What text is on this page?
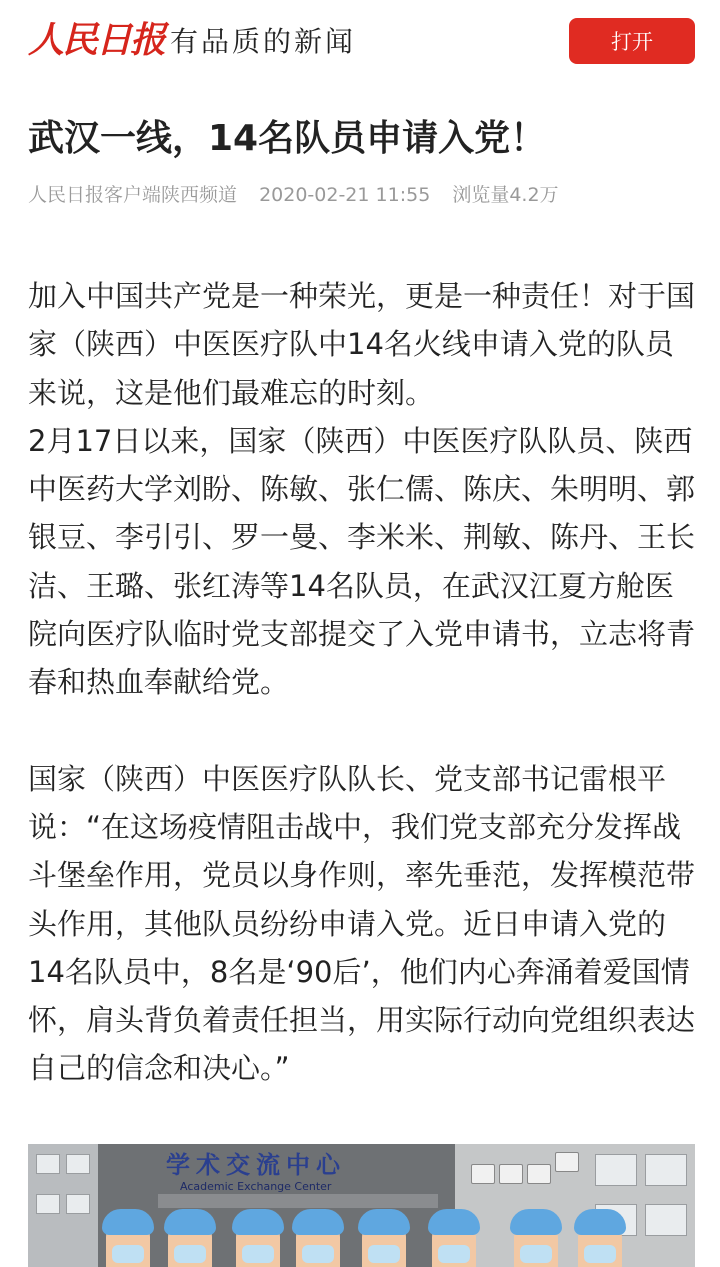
人民日报 有品质的新闻	打开
武汉一线，14名队员申请入党！
人民日报客户端陕西频道 2020-02-21 11:55 浏览量4.2万

加入中国共产党是一种荣光，更是一种责任！对于国家（陕西）中医医疗队中14名火线申请入党的队员来说，这是他们最难忘的时刻。

2月17日以来，国家（陕西）中医医疗队队员、陕西中医药大学刘盼、陈敏、张仁儒、陈庆、朱明明、郭银豆、李引引、罗一曼、李米米、荆敏、陈丹、王长洁、王璐、张红涛等14名队员，在武汉江夏方舱医院向医疗队临时党支部提交了入党申请书，立志将青春和热血奉献给党。

国家（陕西）中医医疗队队长、党支部书记雷根平说：“在这场疫情阻击战中，我们党支部充分发挥战斗堡垒作用，党员以身作则，率先垂范，发挥模范带头作用，其他队员纷纷申请入党。近日申请入党的14名队员中，8名是‘90后’，他们内心奔涌着爱国情怀，肩头背负着责任担当，用实际行动向党组织表达自己的信念和决心。”

学术交流中心
Academic Exchange Center
